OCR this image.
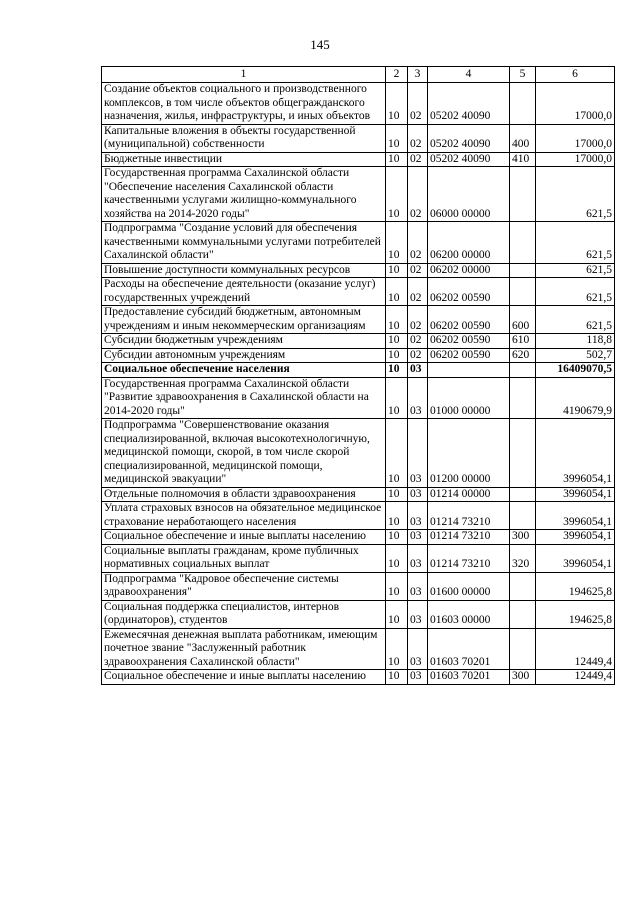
145
1	2	3	4	5	6
Создание объектов социального и производственного комплексов, в том числе объектов общегражданского назначения, жилья, инфраструктуры, и иных объектов	10	02	05202 40090		17000,0
Капитальные вложения в объекты государственной (муниципальной) собственности	10	02	05202 40090	400	17000,0
Бюджетные инвестиции	10	02	05202 40090	410	17000,0
Государственная программа Сахалинской области "Обеспечение населения Сахалинской области качественными услугами жилищно-коммунального хозяйства на 2014-2020 годы"	10	02	06000 00000		621,5
Подпрограмма "Создание условий для обеспечения качественными коммунальными услугами потребителей Сахалинской области"	10	02	06200 00000		621,5
Повышение доступности коммунальных ресурсов	10	02	06202 00000		621,5
Расходы на обеспечение деятельности (оказание услуг) государственных учреждений	10	02	06202 00590		621,5
Предоставление субсидий бюджетным, автономным учреждениям и иным некоммерческим организациям	10	02	06202 00590	600	621,5
Субсидии бюджетным учреждениям	10	02	06202 00590	610	118,8
Субсидии автономным учреждениям	10	02	06202 00590	620	502,7
Социальное обеспечение населения	10	03			16409070,5
Государственная программа Сахалинской области "Развитие здравоохранения в Сахалинской области на 2014-2020 годы"	10	03	01000 00000		4190679,9
Подпрограмма "Совершенствование оказания специализированной, включая высокотехнологичную, медицинской помощи, скорой, в том числе скорой специализированной, медицинской помощи, медицинской эвакуации"	10	03	01200 00000		3996054,1
Отдельные полномочия в области здравоохранения	10	03	01214 00000		3996054,1
Уплата страховых взносов на обязательное медицинское страхование неработающего населения	10	03	01214 73210		3996054,1
Социальное обеспечение и иные выплаты населению	10	03	01214 73210	300	3996054,1
Социальные выплаты гражданам, кроме публичных нормативных социальных выплат	10	03	01214 73210	320	3996054,1
Подпрограмма "Кадровое обеспечение системы здравоохранения"	10	03	01600 00000		194625,8
Социальная поддержка специалистов, интернов (ординаторов), студентов	10	03	01603 00000		194625,8
Ежемесячная денежная выплата работникам, имеющим почетное звание "Заслуженный работник здравоохранения Сахалинской области"	10	03	01603 70201		12449,4
Социальное обеспечение и иные выплаты населению	10	03	01603 70201	300	12449,4
